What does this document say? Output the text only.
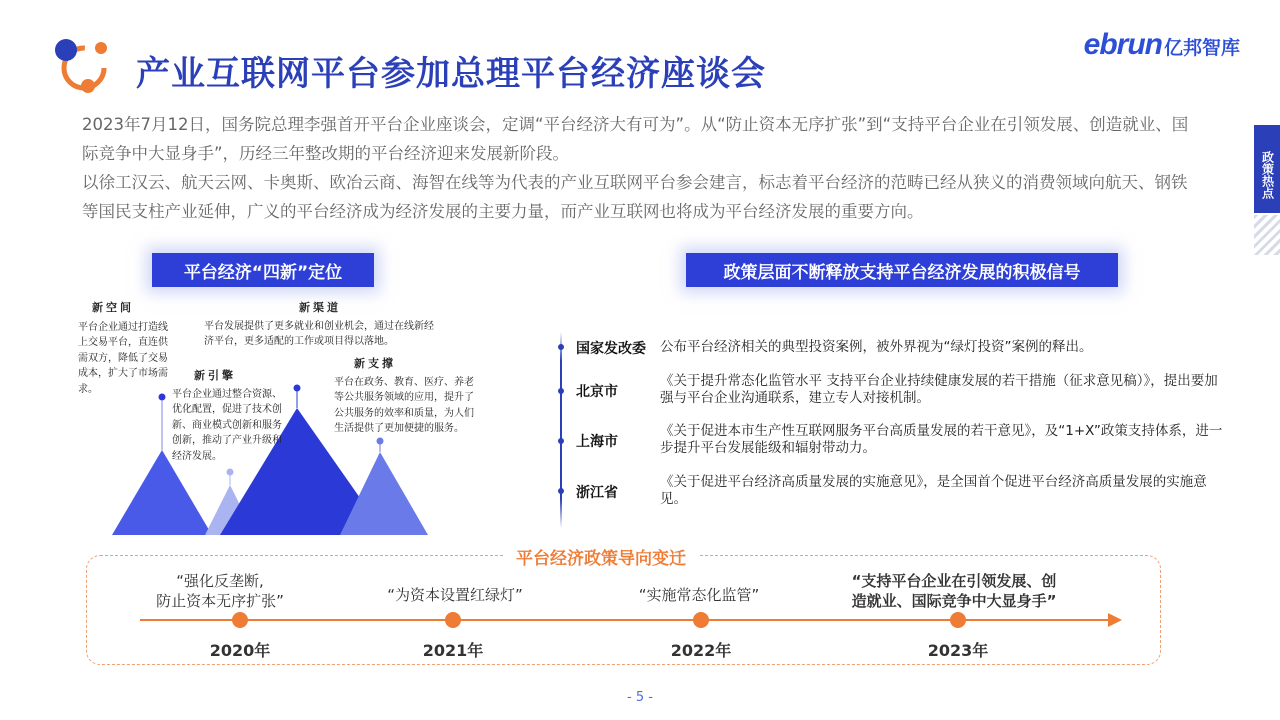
产业互联网平台参加总理平台经济座谈会
ebrun 亿邦智库
政策热点

2023年7月12日，国务院总理李强首开平台企业座谈会，定调“平台经济大有可为”。从“防止资本无序扩张”到“支持平台企业在引领发展、创造就业、国际竞争中大显身手”，历经三年整改期的平台经济迎来发展新阶段。

以徐工汉云、航天云网、卡奥斯、欧冶云商、海智在线等为代表的产业互联网平台参会建言，标志着平台经济的范畴已经从狭义的消费领域向航天、钢铁等国民支柱产业延伸，广义的平台经济成为经济发展的主要力量，而产业互联网也将成为平台经济发展的重要方向。

平台经济“四新”定位
新空间
平台企业通过打造线上交易平台，直连供需双方，降低了交易成本，扩大了市场需求。
新渠道
平台发展提供了更多就业和创业机会，通过在线新经济平台，更多适配的工作或项目得以落地。
新引擎
平台企业通过整合资源、优化配置，促进了技术创新、商业模式创新和服务创新，推动了产业升级和经济发展。
新支撑
平台在政务、教育、医疗、养老等公共服务领域的应用，提升了公共服务的效率和质量，为人们生活提供了更加便捷的服务。
政策层面不断释放支持平台经济发展的积极信号
国家发改委 公布平台经济相关的典型投资案例，被外界视为“绿灯投资”案例的释出。
北京市
《关于提升常态化监管水平 支持平台企业持续健康发展的若干措施（征求意见稿）》，提出要加强与平台企业沟通联系，建立专人对接机制。
上海市
《关于促进本市生产性互联网服务平台高质量发展的若干意见》，及“1+X”政策支持体系，进一步提升平台发展能级和辐射带动力。
浙江省
《关于促进平台经济高质量发展的实施意见》，是全国首个促进平台经济高质量发展的实施意见。
平台经济政策导向变迁
“强化反垄断,
防止资本无序扩张”
2020年
“为资本设置红绿灯”
2021年
“实施常态化监管”
2022年
“支持平台企业在引领发展、创
造就业、国际竞争中大显身手”
2023年
- 5 -
